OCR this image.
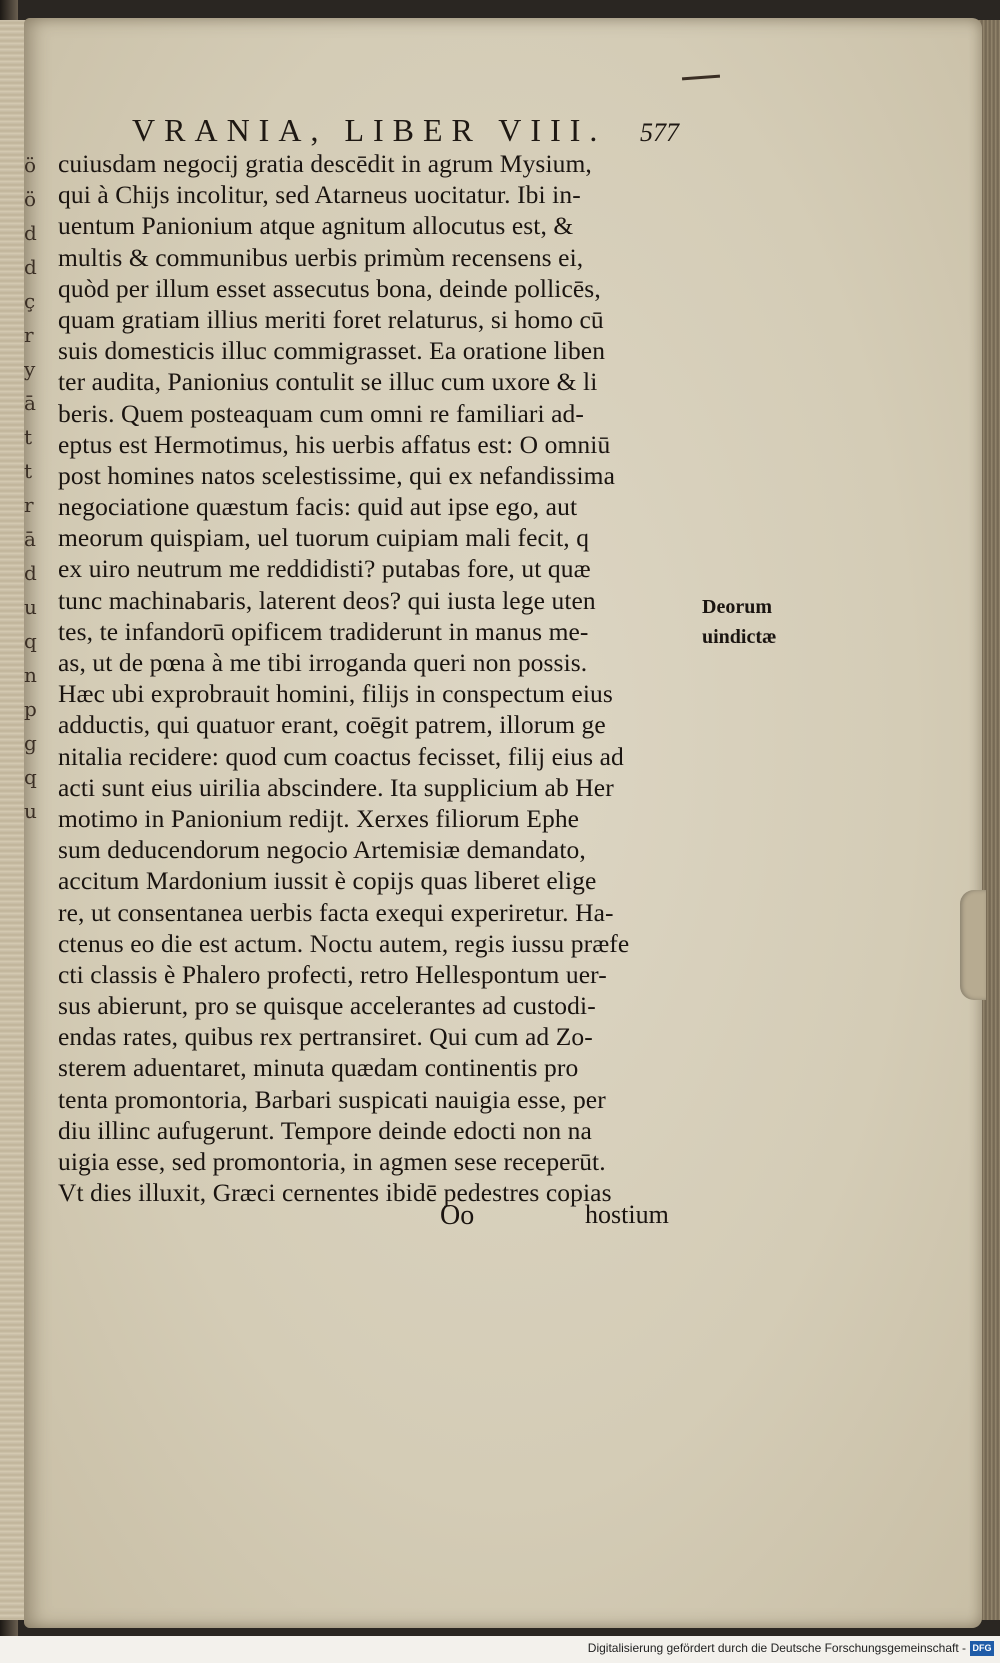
ö
ö
d
d
ç
r
y
ā
t
t
r
ā
d
u
q
n
p
g
q
u
VRANIA, LIBER VIII. 577
cuiusdam negocij gratia descēdit in agrum Mysium,
qui à Chijs incolitur, sed Atarneus uocitatur. Ibi in-
uentum Panionium atque agnitum allocutus est, &
multis & communibus uerbis primùm recensens ei,
quòd per illum esset assecutus bona, deinde pollicēs,
quam gratiam illius meriti foret relaturus, si homo cū
suis domesticis illuc commigrasset. Ea oratione liben
ter audita, Panionius contulit se illuc cum uxore & li
beris. Quem posteaquam cum omni re familiari ad-
eptus est Hermotimus, his uerbis affatus est: O omniū
post homines natos scelestissime, qui ex nefandissima
negociatione quæstum facis: quid aut ipse ego, aut
meorum quispiam, uel tuorum cuipiam mali fecit, q
ex uiro neutrum me reddidisti? putabas fore, ut quæ
tunc machinabaris, laterent deos? qui iusta lege uten
tes, te infandorū opificem tradiderunt in manus me-
as, ut de pœna à me tibi irroganda queri non possis.
Hæc ubi exprobrauit homini, filijs in conspectum eius
adductis, qui quatuor erant, coēgit patrem, illorum ge
nitalia recidere: quod cum coactus fecisset, filij eius ad
acti sunt eius uirilia abscindere. Ita supplicium ab Her
motimo in Panionium redijt. Xerxes filiorum Ephe
sum deducendorum negocio Artemisiæ demandato,
accitum Mardonium iussit è copijs quas liberet elige
re, ut consentanea uerbis facta exequi experiretur. Ha-
ctenus eo die est actum. Noctu autem, regis iussu præfe
cti classis è Phalero profecti, retro Hellespontum uer-
sus abierunt, pro se quisque accelerantes ad custodi-
endas rates, quibus rex pertransiret. Qui cum ad Zo-
sterem aduentaret, minuta quædam continentis pro
tenta promontoria, Barbari suspicati nauigia esse, per
diu illinc aufugerunt. Tempore deinde edocti non na
uigia esse, sed promontoria, in agmen sese receperūt.
Vt dies illuxit, Græci cernentes ibidē pedestres copias
Deorum
uindictæ
Oo	hostium
Digitalisierung gefördert durch die Deutsche Forschungsgemeinschaft - DFG
